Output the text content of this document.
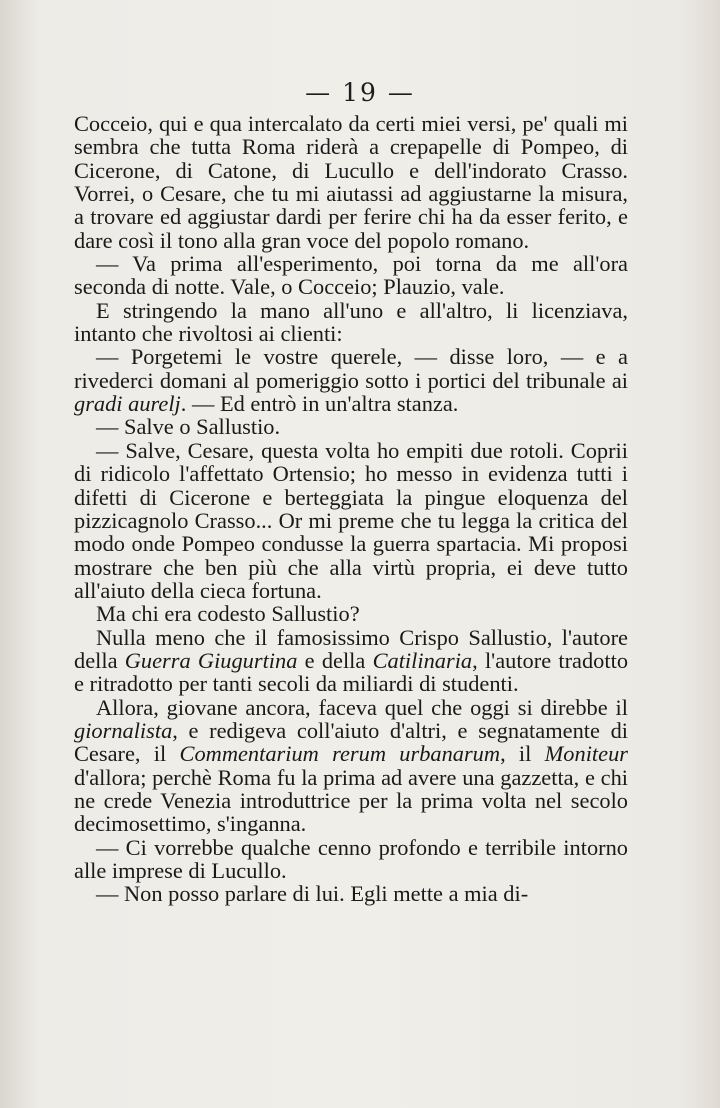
— 19 —

Cocceio, qui e qua intercalato da certi miei versi, pe' quali mi sembra che tutta Roma riderà a crepapelle di Pompeo, di Cicerone, di Catone, di Lucullo e dell'indorato Crasso. Vorrei, o Cesare, che tu mi aiutassi ad aggiustarne la misura, a trovare ed aggiustar dardi per ferire chi ha da esser ferito, e dare così il tono alla gran voce del popolo romano.

— Va prima all'esperimento, poi torna da me all'ora seconda di notte. Vale, o Cocceio; Plauzio, vale.

E stringendo la mano all'uno e all'altro, li licenziava, intanto che rivoltosi ai clienti:

— Porgetemi le vostre querele, — disse loro, — e a rivederci domani al pomeriggio sotto i portici del tribunale ai gradi aurelj. — Ed entrò in un'altra stanza.

— Salve o Sallustio.

— Salve, Cesare, questa volta ho empiti due rotoli. Coprii di ridicolo l'affettato Ortensio; ho messo in evidenza tutti i difetti di Cicerone e berteggiata la pingue eloquenza del pizzicagnolo Crasso... Or mi preme che tu legga la critica del modo onde Pompeo condusse la guerra spartacia. Mi proposi mostrare che ben più che alla virtù propria, ei deve tutto all'aiuto della cieca fortuna.

Ma chi era codesto Sallustio?

Nulla meno che il famosissimo Crispo Sallustio, l'autore della Guerra Giugurtina e della Catilinaria, l'autore tradotto e ritradotto per tanti secoli da miliardi di studenti.

Allora, giovane ancora, faceva quel che oggi si direbbe il giornalista, e redigeva coll'aiuto d'altri, e segnatamente di Cesare, il Commentarium rerum urbanarum, il Moniteur d'allora; perchè Roma fu la prima ad avere una gazzetta, e chi ne crede Venezia introduttrice per la prima volta nel secolo decimosettimo, s'inganna.

— Ci vorrebbe qualche cenno profondo e terribile intorno alle imprese di Lucullo.

— Non posso parlare di lui. Egli mette a mia di-
